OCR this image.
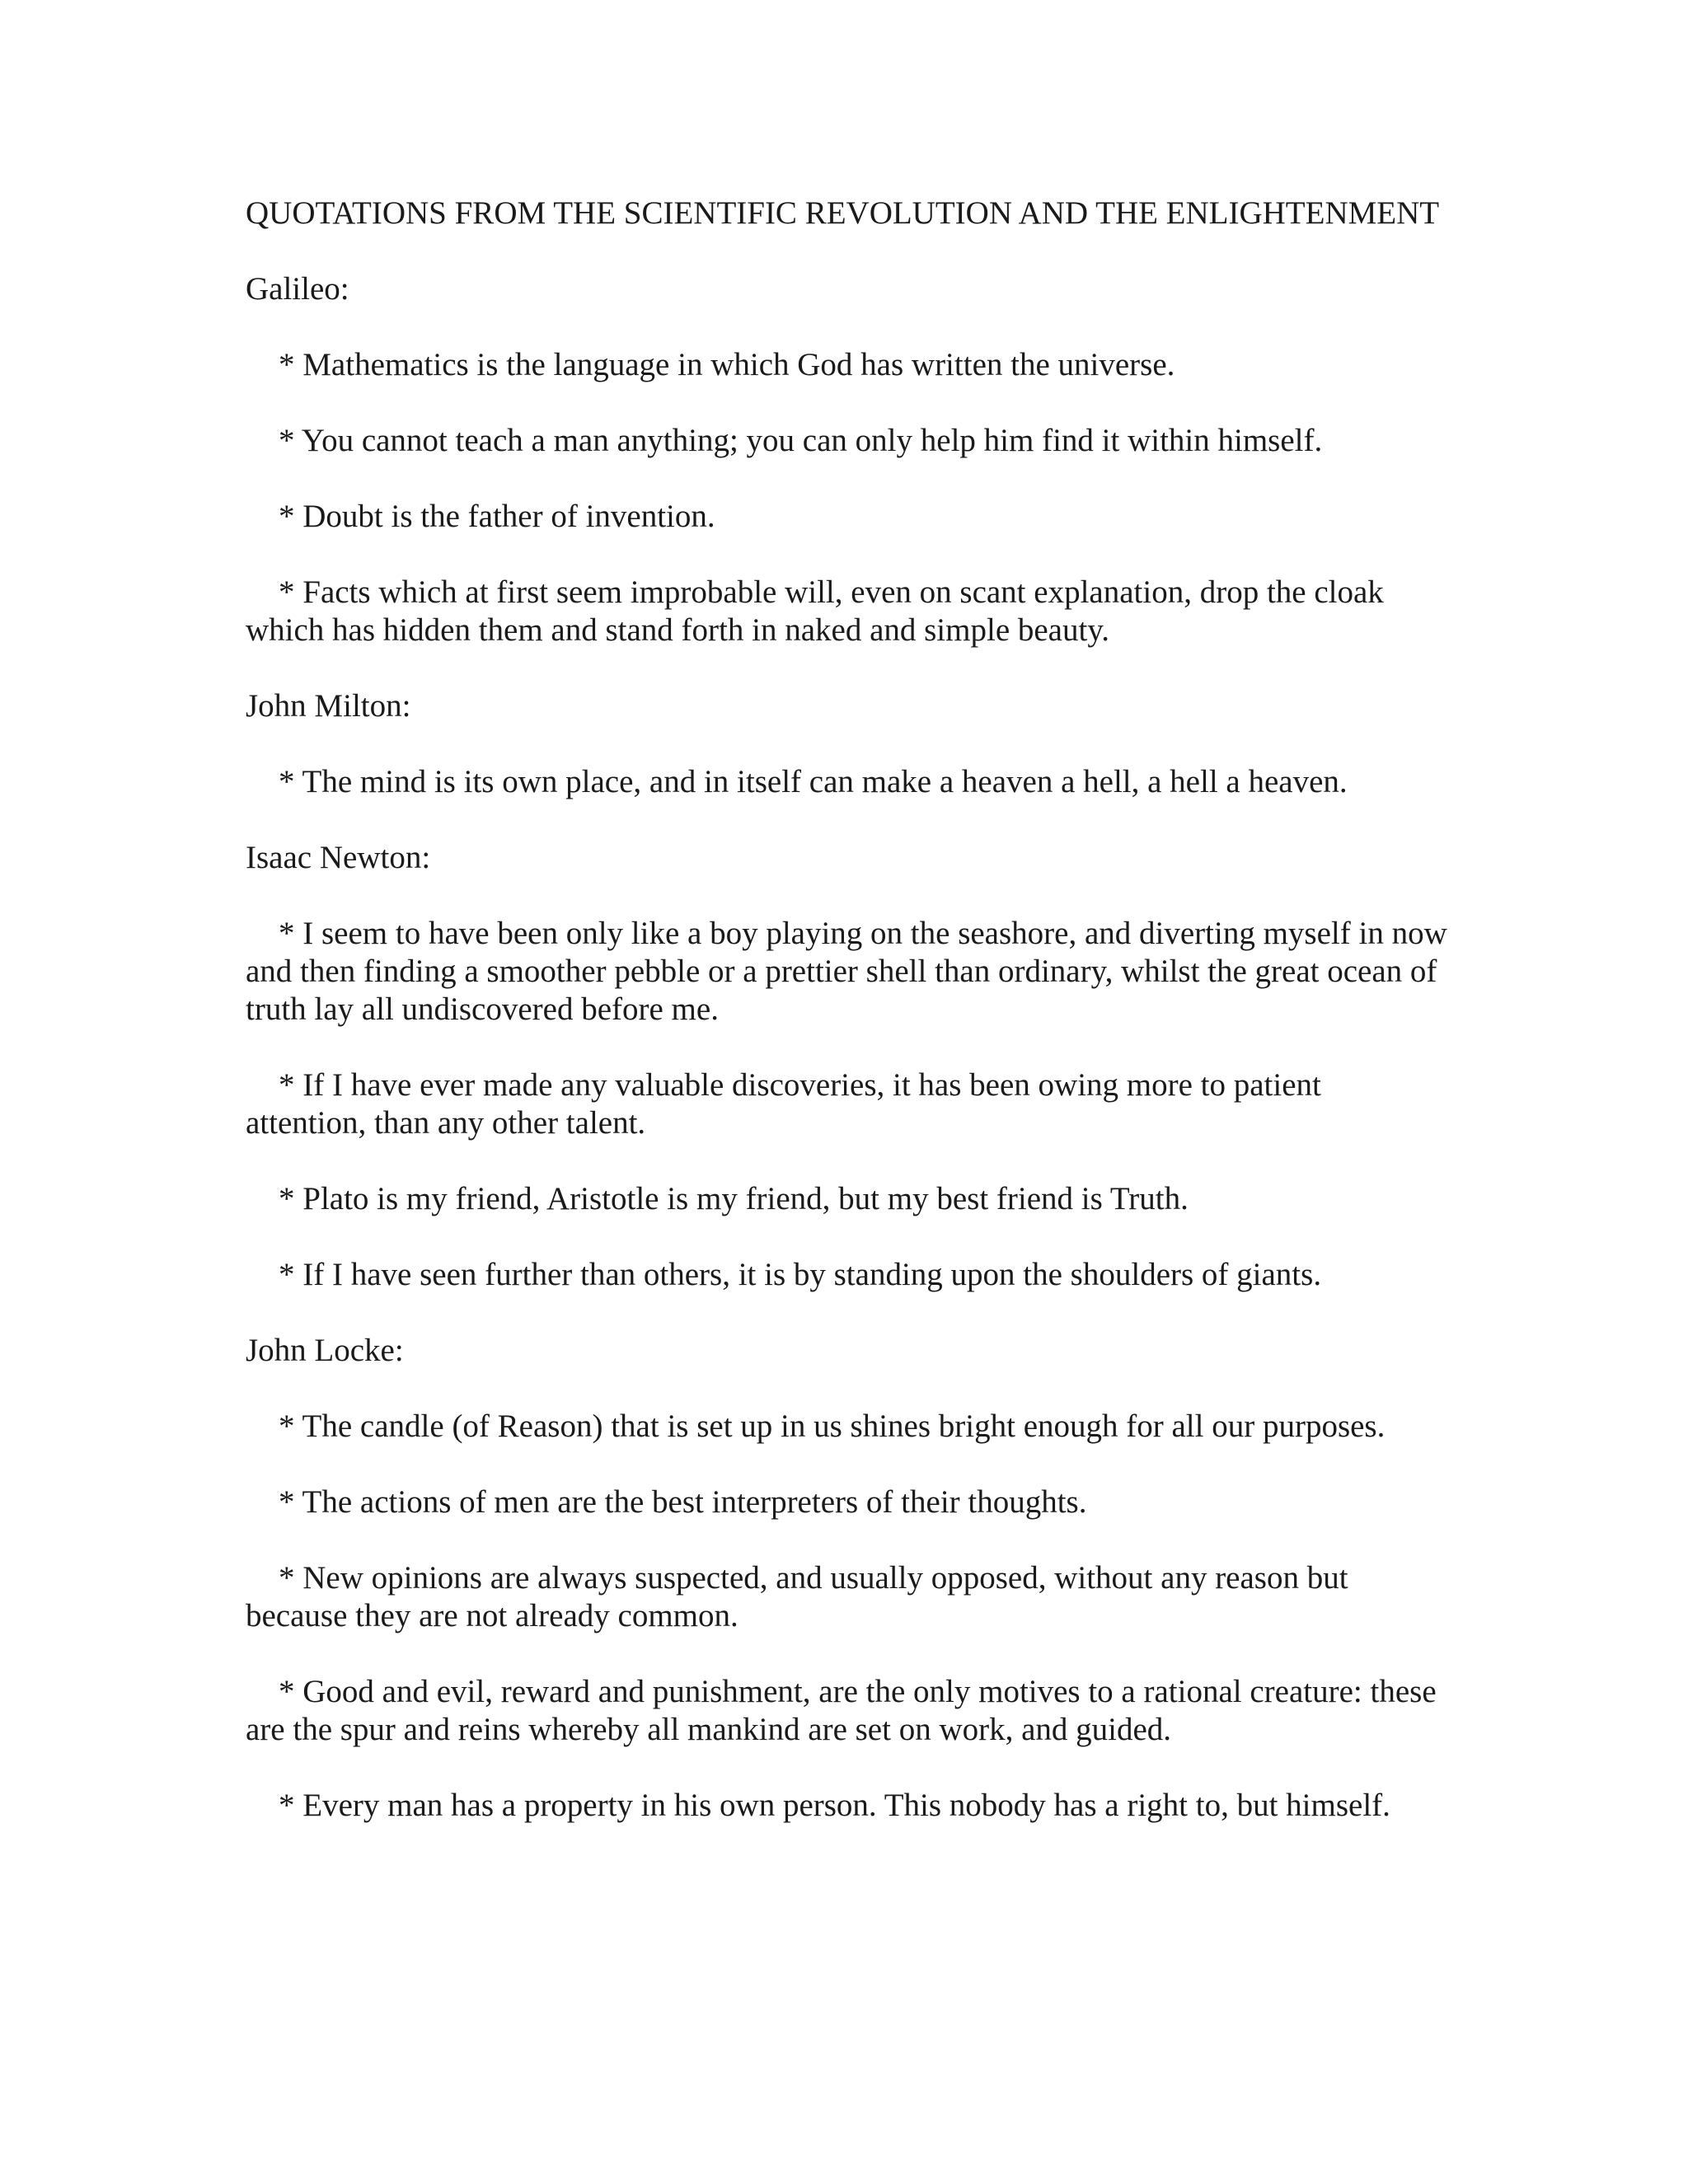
QUOTATIONS FROM THE SCIENTIFIC REVOLUTION AND THE ENLIGHTENMENT

Galileo:

* Mathematics is the language in which God has written the universe.

* You cannot teach a man anything; you can only help him find it within himself.

* Doubt is the father of invention.

* Facts which at first seem improbable will, even on scant explanation, drop the cloak which has hidden them and stand forth in naked and simple beauty.

John Milton:

* The mind is its own place, and in itself can make a heaven a hell, a hell a heaven.

Isaac Newton:

* I seem to have been only like a boy playing on the seashore, and diverting myself in now and then finding a smoother pebble or a prettier shell than ordinary, whilst the great ocean of truth lay all undiscovered before me.

* If I have ever made any valuable discoveries, it has been owing more to patient attention, than any other talent.

* Plato is my friend, Aristotle is my friend, but my best friend is Truth.

* If I have seen further than others, it is by standing upon the shoulders of giants.

John Locke:

* The candle (of Reason) that is set up in us shines bright enough for all our purposes.

* The actions of men are the best interpreters of their thoughts.

* New opinions are always suspected, and usually opposed, without any reason but because they are not already common.

* Good and evil, reward and punishment, are the only motives to a rational creature: these are the spur and reins whereby all mankind are set on work, and guided.

* Every man has a property in his own person. This nobody has a right to, but himself.
